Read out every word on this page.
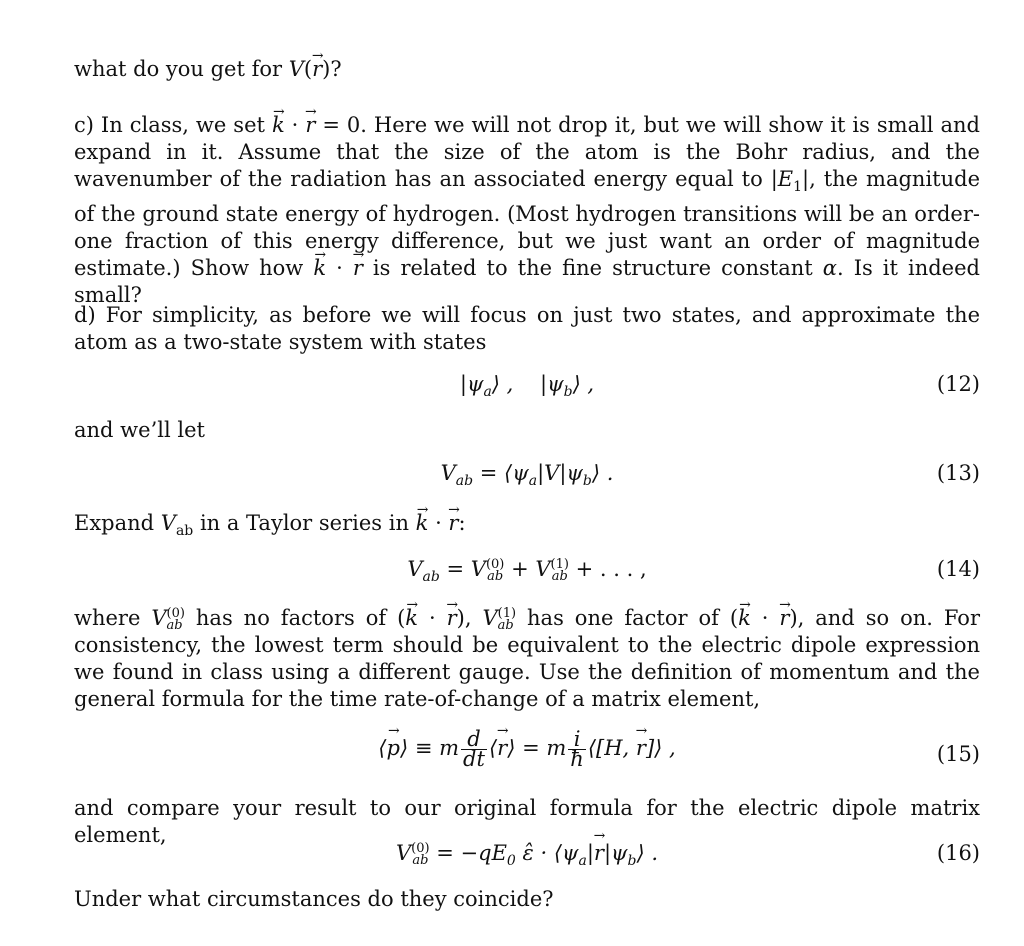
what do you get for V(→ r)?
c) In class, we set → k · → r = 0. Here we will not drop it, but we will show it is small and expand in it. Assume that the size of the atom is the Bohr radius, and the wavenumber of the radiation has an associated energy equal to $|E_1|$, the magnitude of the ground state energy of hydrogen. (Most hydrogen transitions will be an order-one fraction of this energy difference, but we just want an order of magnitude estimate.) Show how → k · → r is related to the fine structure constant α. Is it indeed small?
d) For simplicity, as before we will focus on just two states, and approximate the atom as a two-state system with states
$|\psi_a⟩$ ,    $|\psi_b⟩$ ,	(12)
and we’ll let
$V_{ab}$ = $⟨\psi_a|V|\psi_b⟩$ .	(13)
Expand $V_{ab}$ in a Taylor series in → k · → r:
$V_{ab} = V$ (0)
ab + V (1)
ab + . . . ,	(14)
where V (0)
ab has no factors of (→ k · → r), V (1)
ab has one factor of (→ k · → r), and so on. For consistency, the lowest term should be equivalent to the electric dipole expression we found in class using a different gauge. Use the definition of momentum and the general formula for the time rate-of-change of a matrix element,
⟨→ p⟩ ≡ m $\frac{d}{dt}$ ⟨→ r⟩ = m $\frac{i}{ħ}$ ⟨[H, → r]⟩ ,	(15)
and compare your result to our original formula for the electric dipole matrix element,
V (0)
ab = $-qE_0$ ε̂ · $⟨\psi_a|\to$ $r|\psi_b⟩$ .	(16)
Under what circumstances do they coincide?
